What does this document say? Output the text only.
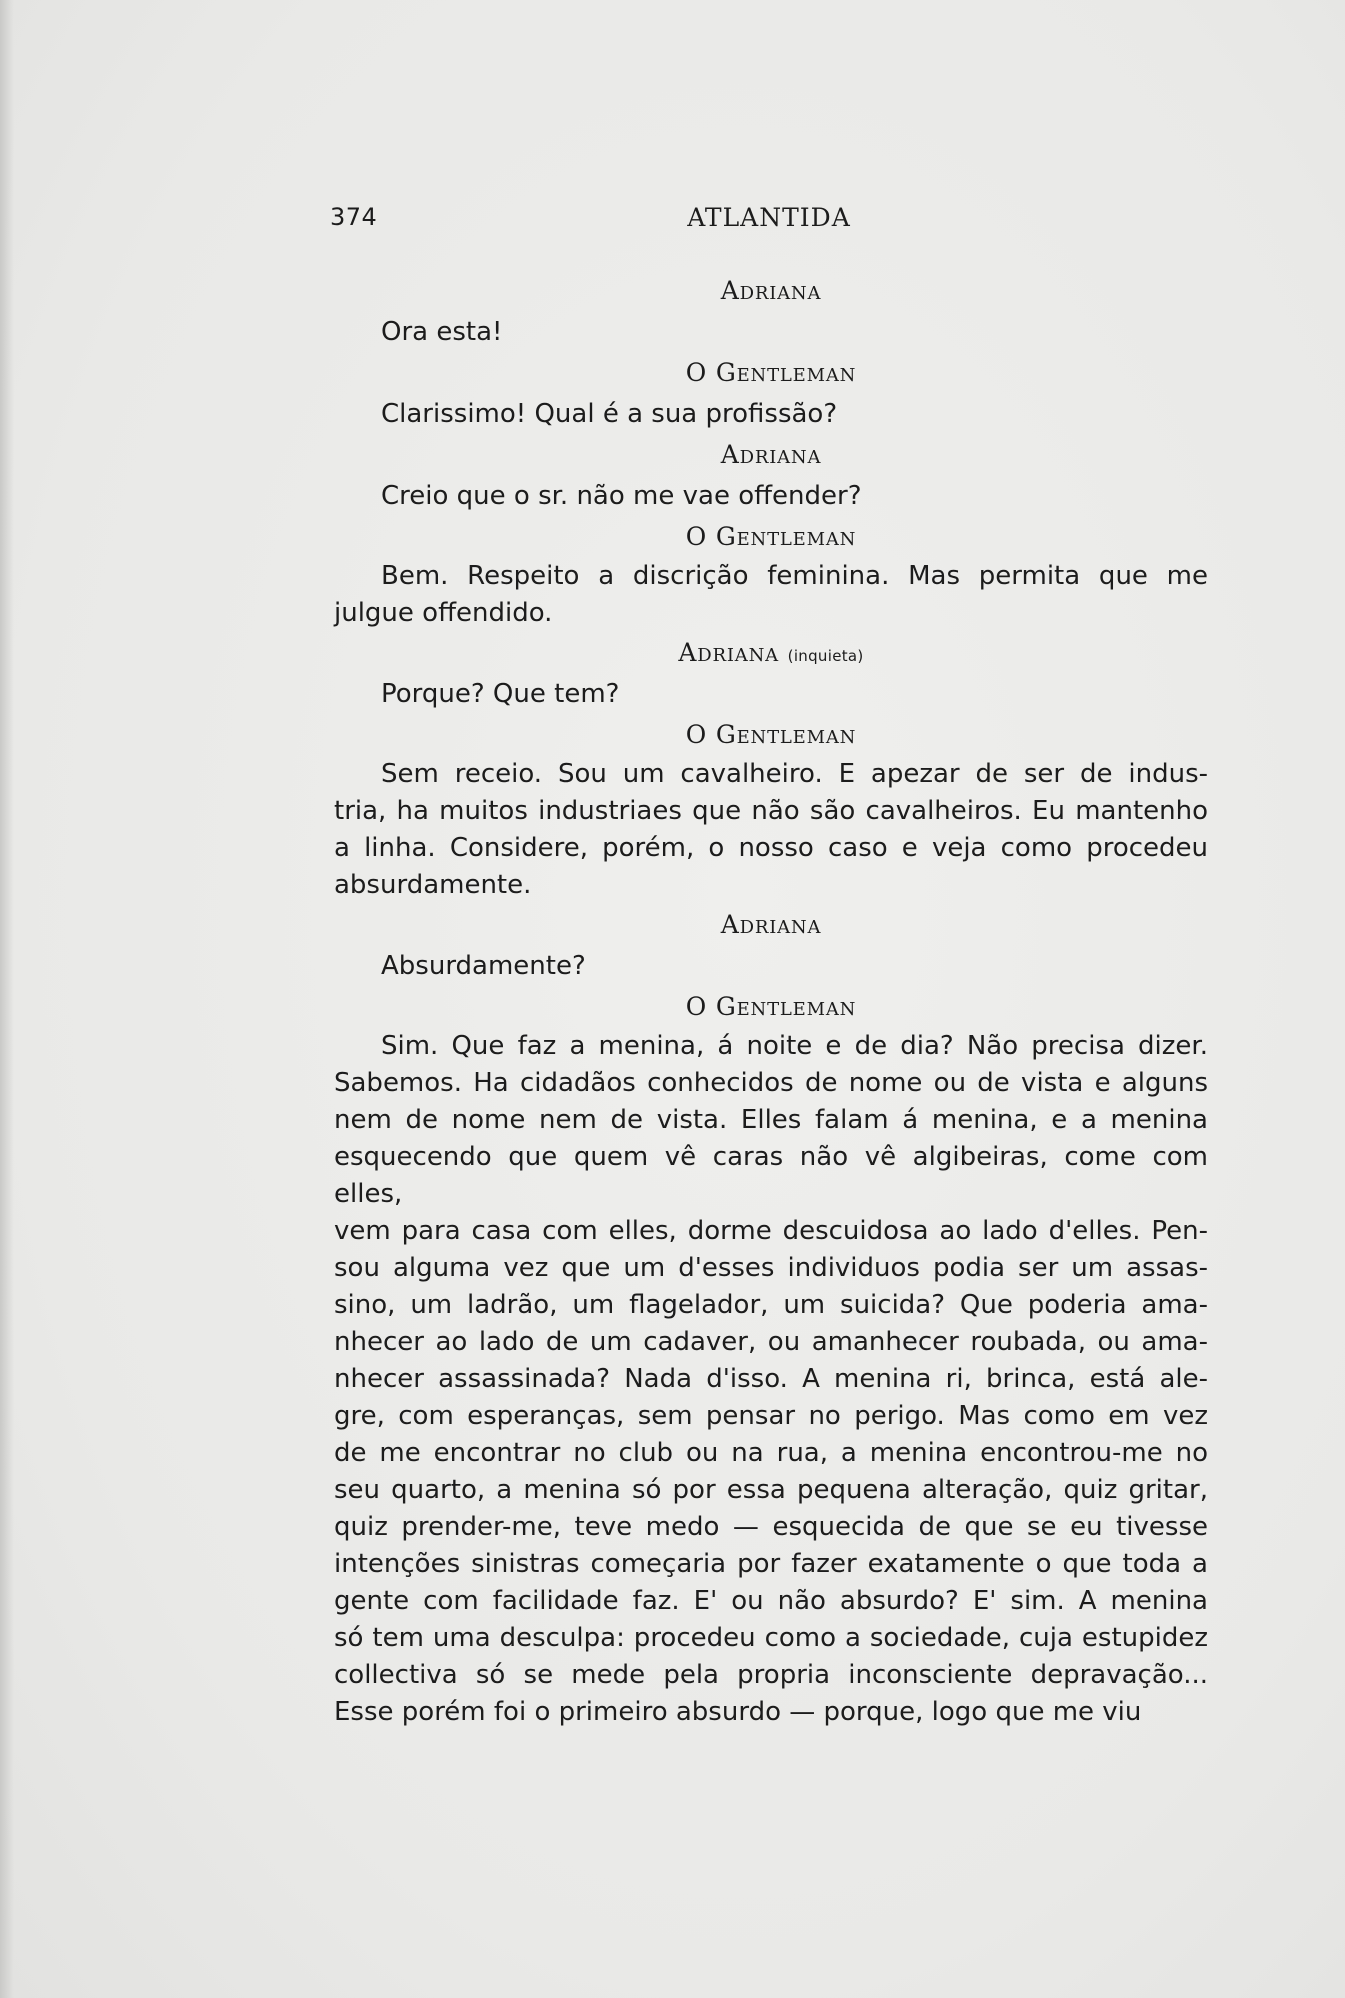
374	ATLANTIDA
Adriana
Ora esta!
O Gentleman
Clarissimo! Qual é a sua profissão?
Adriana
Creio que o sr. não me vae offender?
O Gentleman
Bem. Respeito a discrição feminina. Mas permita que me
julgue offendido.
Adriana (inquieta)
Porque? Que tem?
O Gentleman
Sem receio. Sou um cavalheiro. E apezar de ser de indus-
tria, ha muitos industriaes que não são cavalheiros. Eu mantenho
a linha. Considere, porém, o nosso caso e veja como procedeu
absurdamente.
Adriana
Absurdamente?
O Gentleman
Sim. Que faz a menina, á noite e de dia? Não precisa dizer.
Sabemos. Ha cidadãos conhecidos de nome ou de vista e alguns
nem de nome nem de vista. Elles falam á menina, e a menina
esquecendo que quem vê caras não vê algibeiras, come com elles,
vem para casa com elles, dorme descuidosa ao lado d'elles. Pen-
sou alguma vez que um d'esses individuos podia ser um assas-
sino, um ladrão, um flagelador, um suicida? Que poderia ama-
nhecer ao lado de um cadaver, ou amanhecer roubada, ou ama-
nhecer assassinada? Nada d'isso. A menina ri, brinca, está ale-
gre, com esperanças, sem pensar no perigo. Mas como em vez
de me encontrar no club ou na rua, a menina encontrou-me no
seu quarto, a menina só por essa pequena alteração, quiz gritar,
quiz prender-me, teve medo — esquecida de que se eu tivesse
intenções sinistras começaria por fazer exatamente o que toda a
gente com facilidade faz. E' ou não absurdo? E' sim. A menina
só tem uma desculpa: procedeu como a sociedade, cuja estupidez
collectiva só se mede pela propria inconsciente depravação...
Esse porém foi o primeiro absurdo — porque, logo que me viu
